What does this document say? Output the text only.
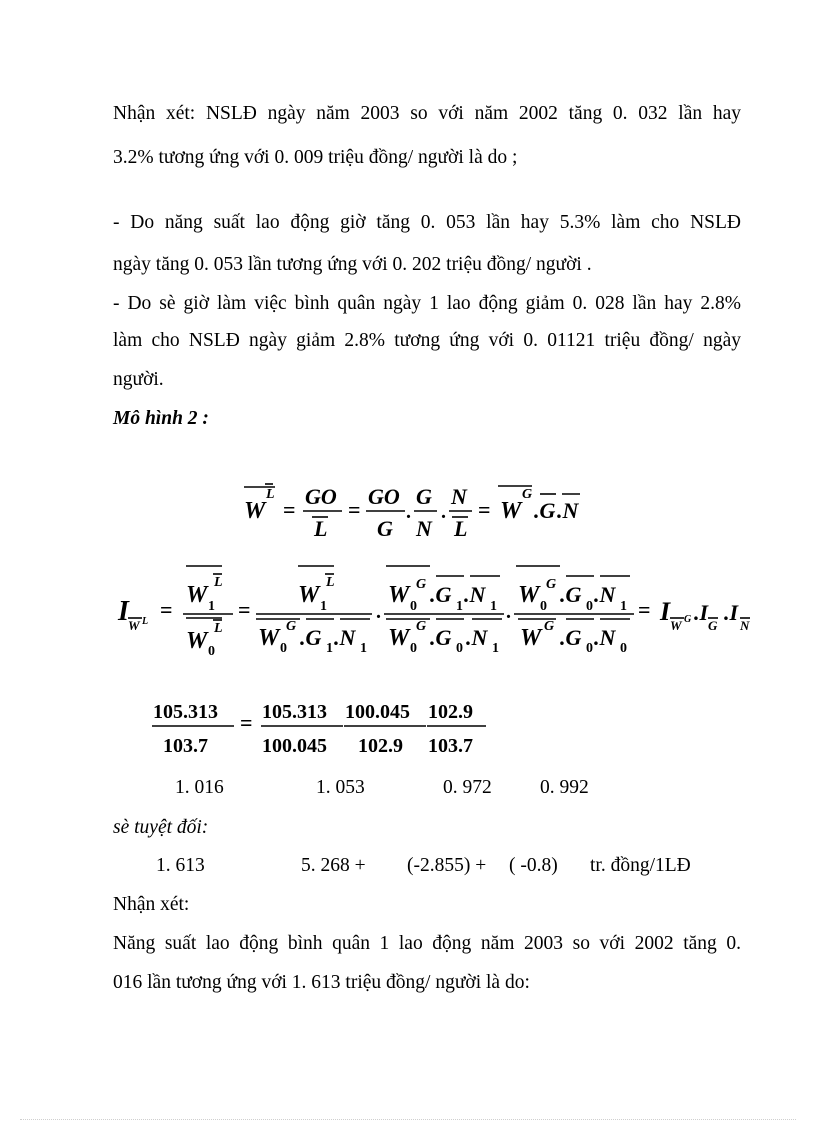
Nhận xét: NSLĐ ngày năm 2003 so với năm 2002 tăng 0. 032 lần hay
3.2% tương ứng với 0. 009 triệu đồng/ người là do ;
- Do năng suất lao động giờ tăng 0. 053 lần hay 5.3% làm cho NSLĐ
ngày tăng 0. 053 lần tương ứng với 0. 202 triệu đồng/ người .
- Do sè giờ làm việc bình quân ngày 1 lao động giảm 0. 028 lần hay 2.8%
làm cho NSLĐ ngày giảm 2.8% tương ứng với 0. 01121 triệu đồng/ ngày
người.
Mô hình 2 :
W
L
=
GO
L
=
GO
G
.
G
N
.
N
L
= W
G
.G .N
I W L =
W 1
L
W 0
L
=
W 1
L
W 0
G .G 1 .N 1
.
W 0
G .G 1 .N 1
W 0
G .G 0 .N 1
.
W 0
G .G 0 .N 1
W G .G 0 .N 0
= I W G .I
G
.I
N
105.313
103.7
= 105.313
100.045
100.045
102.9
102.9
103.7
1. 016	1. 053	0. 972 0. 992
sè tuyệt đối:
1. 613	5. 268 + (-2.855) + ( -0.8) tr. đồng/1LĐ
Nhận xét:
Năng suất lao động bình quân 1 lao động năm 2003 so với 2002 tăng 0.
016 lần tương ứng với 1. 613 triệu đồng/ người là do:
